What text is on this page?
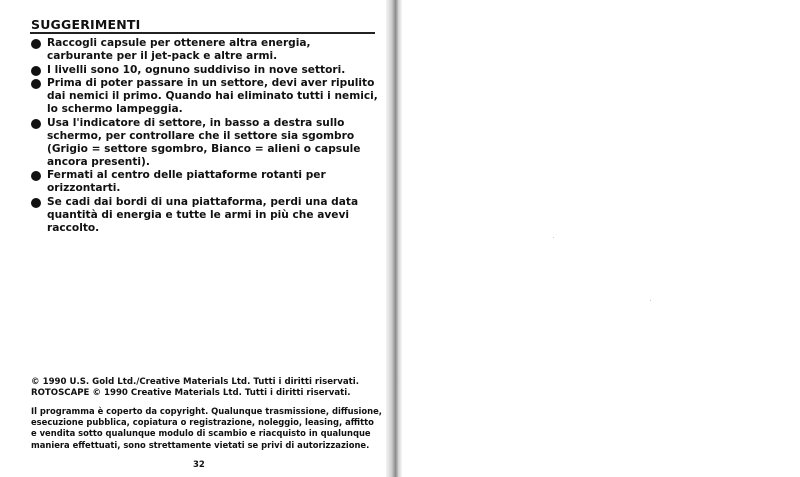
SUGGERIMENTI
Raccogli capsule per ottenere altra energia, carburante per il jet-pack e altre armi.
I livelli sono 10, ognuno suddiviso in nove settori.
Prima di poter passare in un settore, devi aver ripulito dai nemici il primo. Quando hai eliminato tutti i nemici, lo schermo lampeggia.
Usa l'indicatore di settore, in basso a destra sullo schermo, per controllare che il settore sia sgombro (Grigio = settore sgombro, Bianco = alieni o capsule ancora presenti).
Fermati al centro delle piattaforme rotanti per orizzontarti.
Se cadi dai bordi di una piattaforma, perdi una data quantità di energia e tutte le armi in più che avevi raccolto.
© 1990 U.S. Gold Ltd./Creative Materials Ltd. Tutti i diritti riservati.
ROTOSCAPE © 1990 Creative Materials Ltd. Tutti i diritti riservati.
Il programma è coperto da copyright. Qualunque trasmissione, diffusione,
esecuzione pubblica, copiatura o registrazione, noleggio, leasing, affitto
e vendita sotto qualunque modulo di scambio e riacquisto in qualunque
maniera effettuati, sono strettamente vietati se privi di autorizzazione.
32
